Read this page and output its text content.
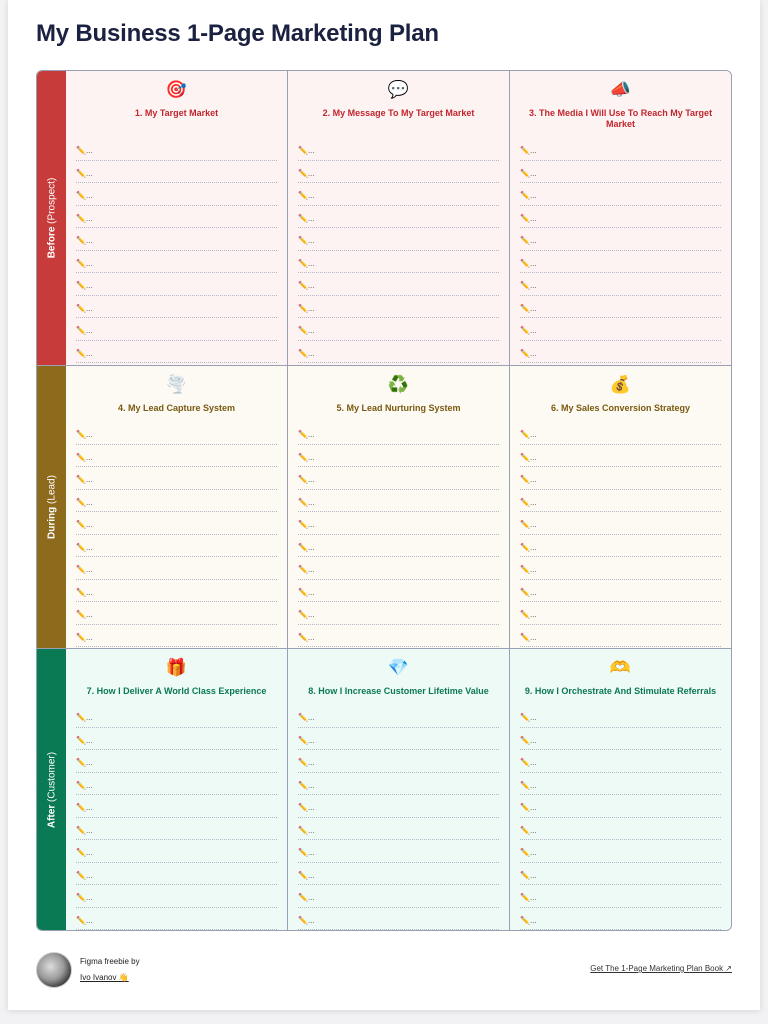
My Business 1-Page Marketing Plan
Before (Prospect)
🎯
1. My Target Market
✏️...
✏️...
✏️...
✏️...
✏️...
✏️...
✏️...
✏️...
✏️...
✏️...
💬
2. My Message To My Target Market
✏️...
✏️...
✏️...
✏️...
✏️...
✏️...
✏️...
✏️...
✏️...
✏️...
📣
3. The Media I Will Use To Reach My Target Market
✏️...
✏️...
✏️...
✏️...
✏️...
✏️...
✏️...
✏️...
✏️...
✏️...
During (Lead)
🌪️
4. My Lead Capture System
✏️...
✏️...
✏️...
✏️...
✏️...
✏️...
✏️...
✏️...
✏️...
✏️...
♻️
5. My Lead Nurturing System
✏️...
✏️...
✏️...
✏️...
✏️...
✏️...
✏️...
✏️...
✏️...
✏️...
💰
6. My Sales Conversion Strategy
✏️...
✏️...
✏️...
✏️...
✏️...
✏️...
✏️...
✏️...
✏️...
✏️...
After (Customer)
🎁
7. How I Deliver A World Class Experience
✏️...
✏️...
✏️...
✏️...
✏️...
✏️...
✏️...
✏️...
✏️...
✏️...
💎
8. How I Increase Customer Lifetime Value
✏️...
✏️...
✏️...
✏️...
✏️...
✏️...
✏️...
✏️...
✏️...
✏️...
🫶
9. How I Orchestrate And Stimulate Referrals
✏️...
✏️...
✏️...
✏️...
✏️...
✏️...
✏️...
✏️...
✏️...
✏️...
Figma freebie by
Ivo Ivanov 👋
Get The 1-Page Marketing Plan Book ↗
